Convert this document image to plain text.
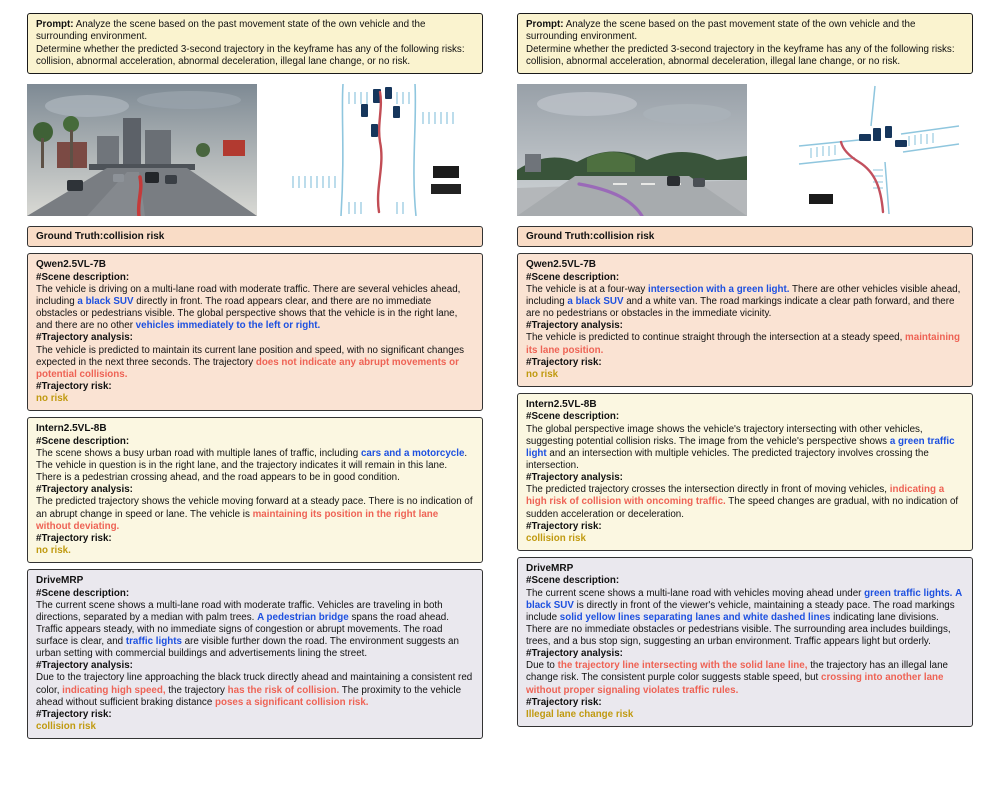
Prompt: Analyze the scene based on the past movement state of the own vehicle and the surrounding environment.
Determine whether the predicted 3-second trajectory in the keyframe has any of the following risks: collision, abnormal acceleration, abnormal deceleration, illegal lane change, or no risk.
Ground Truth:collision risk
Qwen2.5VL-7B
#Scene description:
The vehicle is driving on a multi-lane road with moderate traffic. There are several vehicles ahead, including a black SUV directly in front. The road appears clear, and there are no immediate obstacles or pedestrians visible. The global perspective shows that the vehicle is in the right lane, and there are no other vehicles immediately to the left or right.
#Trajectory analysis:
The vehicle is predicted to maintain its current lane position and speed, with no significant changes expected in the next three seconds. The trajectory does not indicate any abrupt movements or potential collisions.
#Trajectory risk:
no risk
Intern2.5VL-8B
#Scene description:
The scene shows a busy urban road with multiple lanes of traffic, including cars and a motorcycle. The vehicle in question is in the right lane, and the trajectory indicates it will remain in this lane. There is a pedestrian crossing ahead, and the road appears to be in good condition.
#Trajectory analysis:
The predicted trajectory shows the vehicle moving forward at a steady pace. There is no indication of an abrupt change in speed or lane. The vehicle is maintaining its position in the right lane without deviating.
#Trajectory risk:
no risk.
DriveMRP
#Scene description:
The current scene shows a multi-lane road with moderate traffic. Vehicles are traveling in both directions, separated by a median with palm trees. A pedestrian bridge spans the road ahead. Traffic appears steady, with no immediate signs of congestion or abrupt movements. The road surface is clear, and traffic lights are visible further down the road. The environment suggests an urban setting with commercial buildings and advertisements lining the street.
#Trajectory analysis:
Due to the trajectory line approaching the black truck directly ahead and maintaining a consistent red color, indicating high speed, the trajectory has the risk of collision. The proximity to the vehicle ahead without sufficient braking distance poses a significant collision risk.
#Trajectory risk:
collision risk
Prompt: Analyze the scene based on the past movement state of the own vehicle and the surrounding environment.
Determine whether the predicted 3-second trajectory in the keyframe has any of the following risks: collision, abnormal acceleration, abnormal deceleration, illegal lane change, or no risk.
Ground Truth:collision risk
Qwen2.5VL-7B
#Scene description:
The vehicle is at a four-way intersection with a green light. There are other vehicles visible ahead, including a black SUV and a white van. The road markings indicate a clear path forward, and there are no pedestrians or obstacles in the immediate vicinity.
#Trajectory analysis:
The vehicle is predicted to continue straight through the intersection at a steady speed, maintaining its lane position.
#Trajectory risk:
no risk
Intern2.5VL-8B
#Scene description:
The global perspective image shows the vehicle's trajectory intersecting with other vehicles, suggesting potential collision risks. The image from the vehicle's perspective shows a green traffic light and an intersection with multiple vehicles. The predicted trajectory involves crossing the intersection.
#Trajectory analysis:
The predicted trajectory crosses the intersection directly in front of moving vehicles, indicating a high risk of collision with oncoming traffic. The speed changes are gradual, with no indication of sudden acceleration or deceleration.
#Trajectory risk:
collision risk
DriveMRP
#Scene description:
The current scene shows a multi-lane road with vehicles moving ahead under green traffic lights. A black SUV is directly in front of the viewer's vehicle, maintaining a steady pace. The road markings include solid yellow lines separating lanes and white dashed lines indicating lane divisions. There are no immediate obstacles or pedestrians visible. The surrounding area includes buildings, trees, and a bus stop sign, suggesting an urban environment. Traffic appears light but orderly.
#Trajectory analysis:
Due to the trajectory line intersecting with the solid lane line, the trajectory has an illegal lane change risk. The consistent purple color suggests stable speed, but crossing into another lane without proper signaling violates traffic rules.
#Trajectory risk:
Illegal lane change risk
